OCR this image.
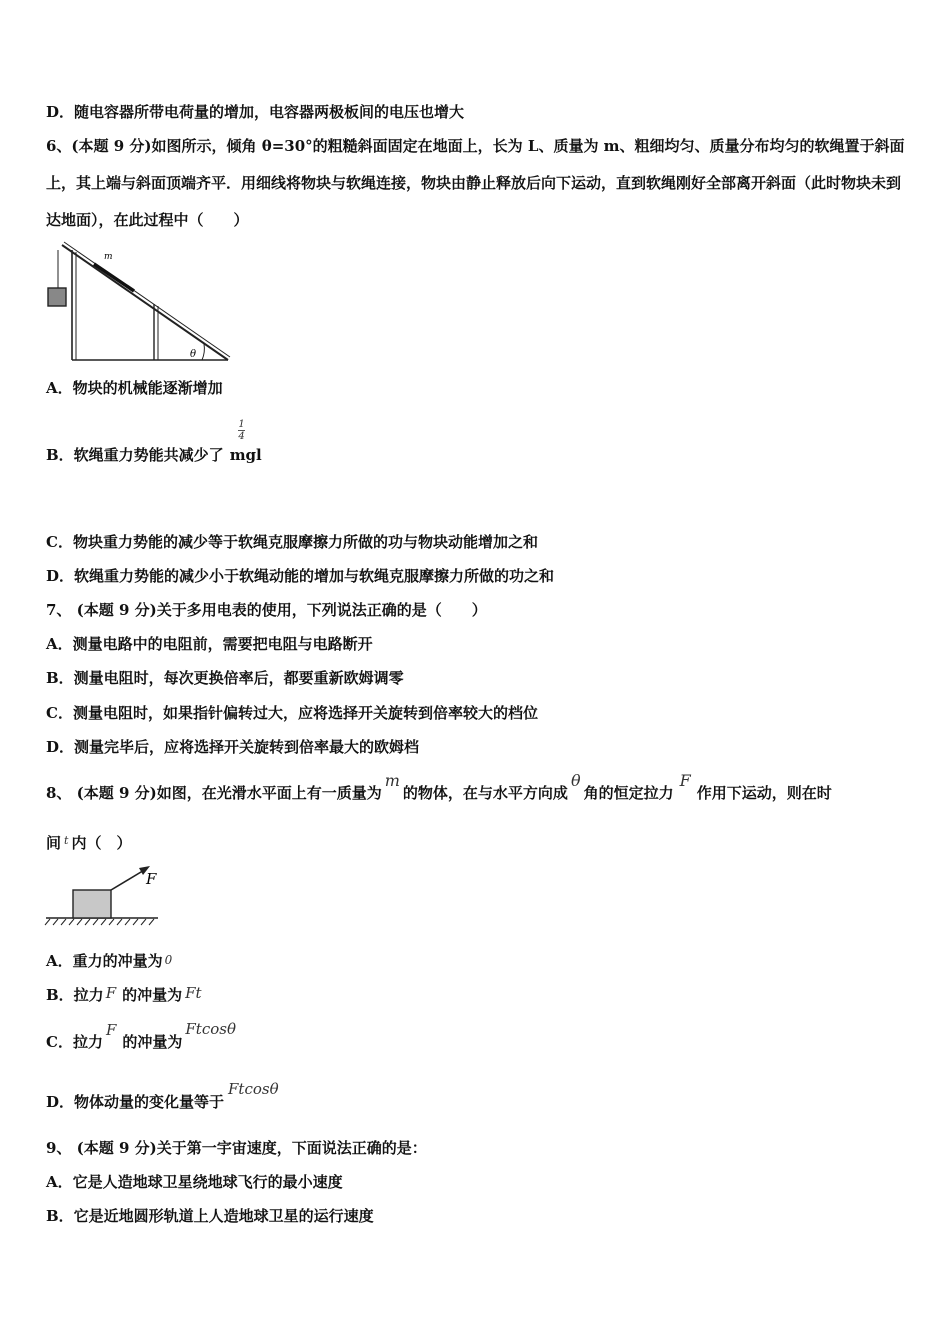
D．随电容器所带电荷量的增加，电容器两极板间的电压也增大
6、(本题 9 分)如图所示，倾角 θ=30°的粗糙斜面固定在地面上，长为 L、质量为 m、粗细均匀、质量分布均匀的软绳置于斜面上，其上端与斜面顶端齐平．用细线将物块与软绳连接，物块由静止释放后向下运动，直到软绳刚好全部离开斜面（此时物块未到达地面），在此过程中（　　）
m
θ
A．物块的机械能逐渐增加
B．软绳重力势能共减少了 mgl
1
4
C．物块重力势能的减少等于软绳克服摩擦力所做的功与物块动能增加之和
D．软绳重力势能的减少小于软绳动能的增加与软绳克服摩擦力所做的功之和
7、 (本题 9 分)关于多用电表的使用，下列说法正确的是（　　）
A．测量电路中的电阻前，需要把电阻与电路断开
B．测量电阻时，每次更换倍率后，都要重新欧姆调零
C．测量电阻时，如果指针偏转过大，应将选择开关旋转到倍率较大的档位
D．测量完毕后，应将选择开关旋转到倍率最大的欧姆档
8、 (本题 9 分)如图，在光滑水平面上有一质量为m的物体，在与水平方向成θ角的恒定拉力F作用下运动，则在时
间 $^t$ 内（　）
F
A．重力的冲量为 0
B．拉力 F 的冲量为 Ft
C．拉力F的冲量为Ftcosθ
D．物体动量的变化量等于Ftcosθ
9、 (本题 9 分)关于第一宇宙速度，下面说法正确的是：
A．它是人造地球卫星绕地球飞行的最小速度
B．它是近地圆形轨道上人造地球卫星的运行速度
